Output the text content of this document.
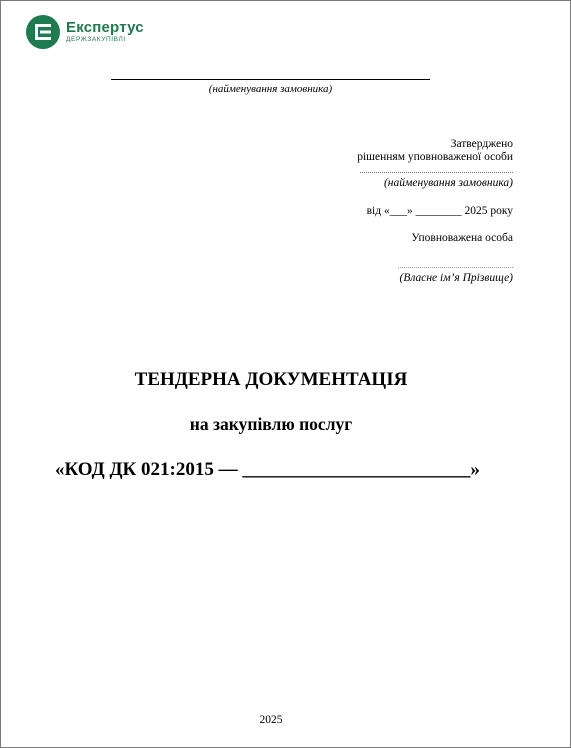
Експертус
ДЕРЖЗАКУПІВЛІ
(найменування замовника)
Затверджено
рішенням уповноваженої особи
(найменування замовника)
від «___» ________ 2025 року
Уповноважена особа
(Власне ім’я Прізвище)
ТЕНДЕРНА ДОКУМЕНТАЦІЯ
на закупівлю послуг
«КОД ДК 021:2015 — ________________________»
2025
